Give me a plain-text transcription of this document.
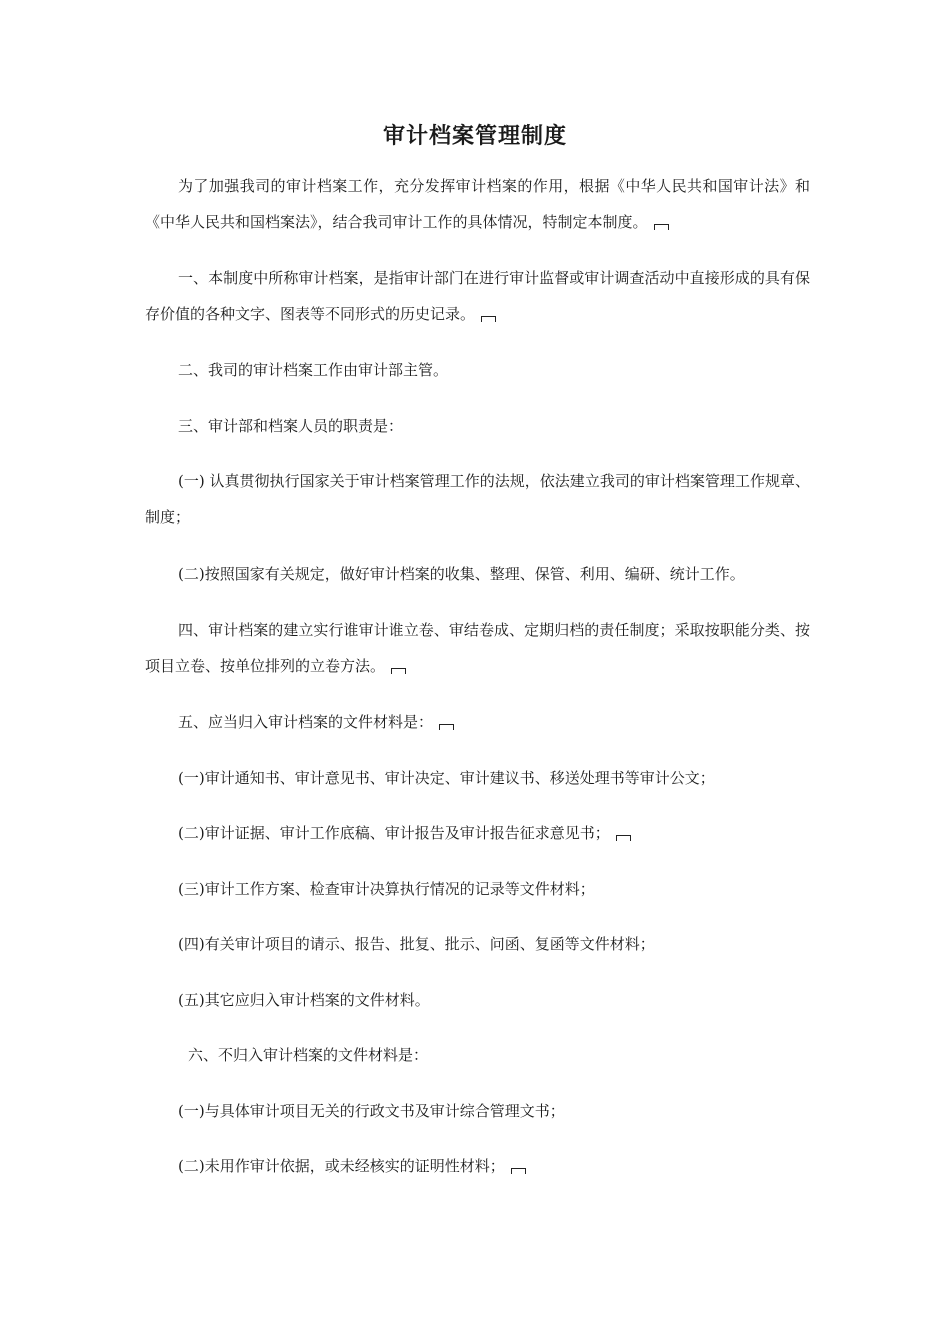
审计档案管理制度
为了加强我司的审计档案工作，充分发挥审计档案的作用，根据《中华人民共和国审计法》和《中华人民共和国档案法》，结合我司审计工作的具体情况，特制定本制度。
一、本制度中所称审计档案，是指审计部门在进行审计监督或审计调查活动中直接形成的具有保存价值的各种文字、图表等不同形式的历史记录。
二、我司的审计档案工作由审计部主管。
三、审计部和档案人员的职责是：
(一) 认真贯彻执行国家关于审计档案管理工作的法规，依法建立我司的审计档案管理工作规章、制度；
(二)按照国家有关规定，做好审计档案的收集、整理、保管、利用、编研、统计工作。
四、审计档案的建立实行谁审计谁立卷、审结卷成、定期归档的责任制度；采取按职能分类、按项目立卷、按单位排列的立卷方法。
五、应当归入审计档案的文件材料是：
(一)审计通知书、审计意见书、审计决定、审计建议书、移送处理书等审计公文；
(二)审计证据、审计工作底稿、审计报告及审计报告征求意见书；
(三)审计工作方案、检查审计决算执行情况的记录等文件材料；
(四)有关审计项目的请示、报告、批复、批示、问函、复函等文件材料；
(五)其它应归入审计档案的文件材料。
六、不归入审计档案的文件材料是：
(一)与具体审计项目无关的行政文书及审计综合管理文书；
(二)未用作审计依据，或未经核实的证明性材料；
